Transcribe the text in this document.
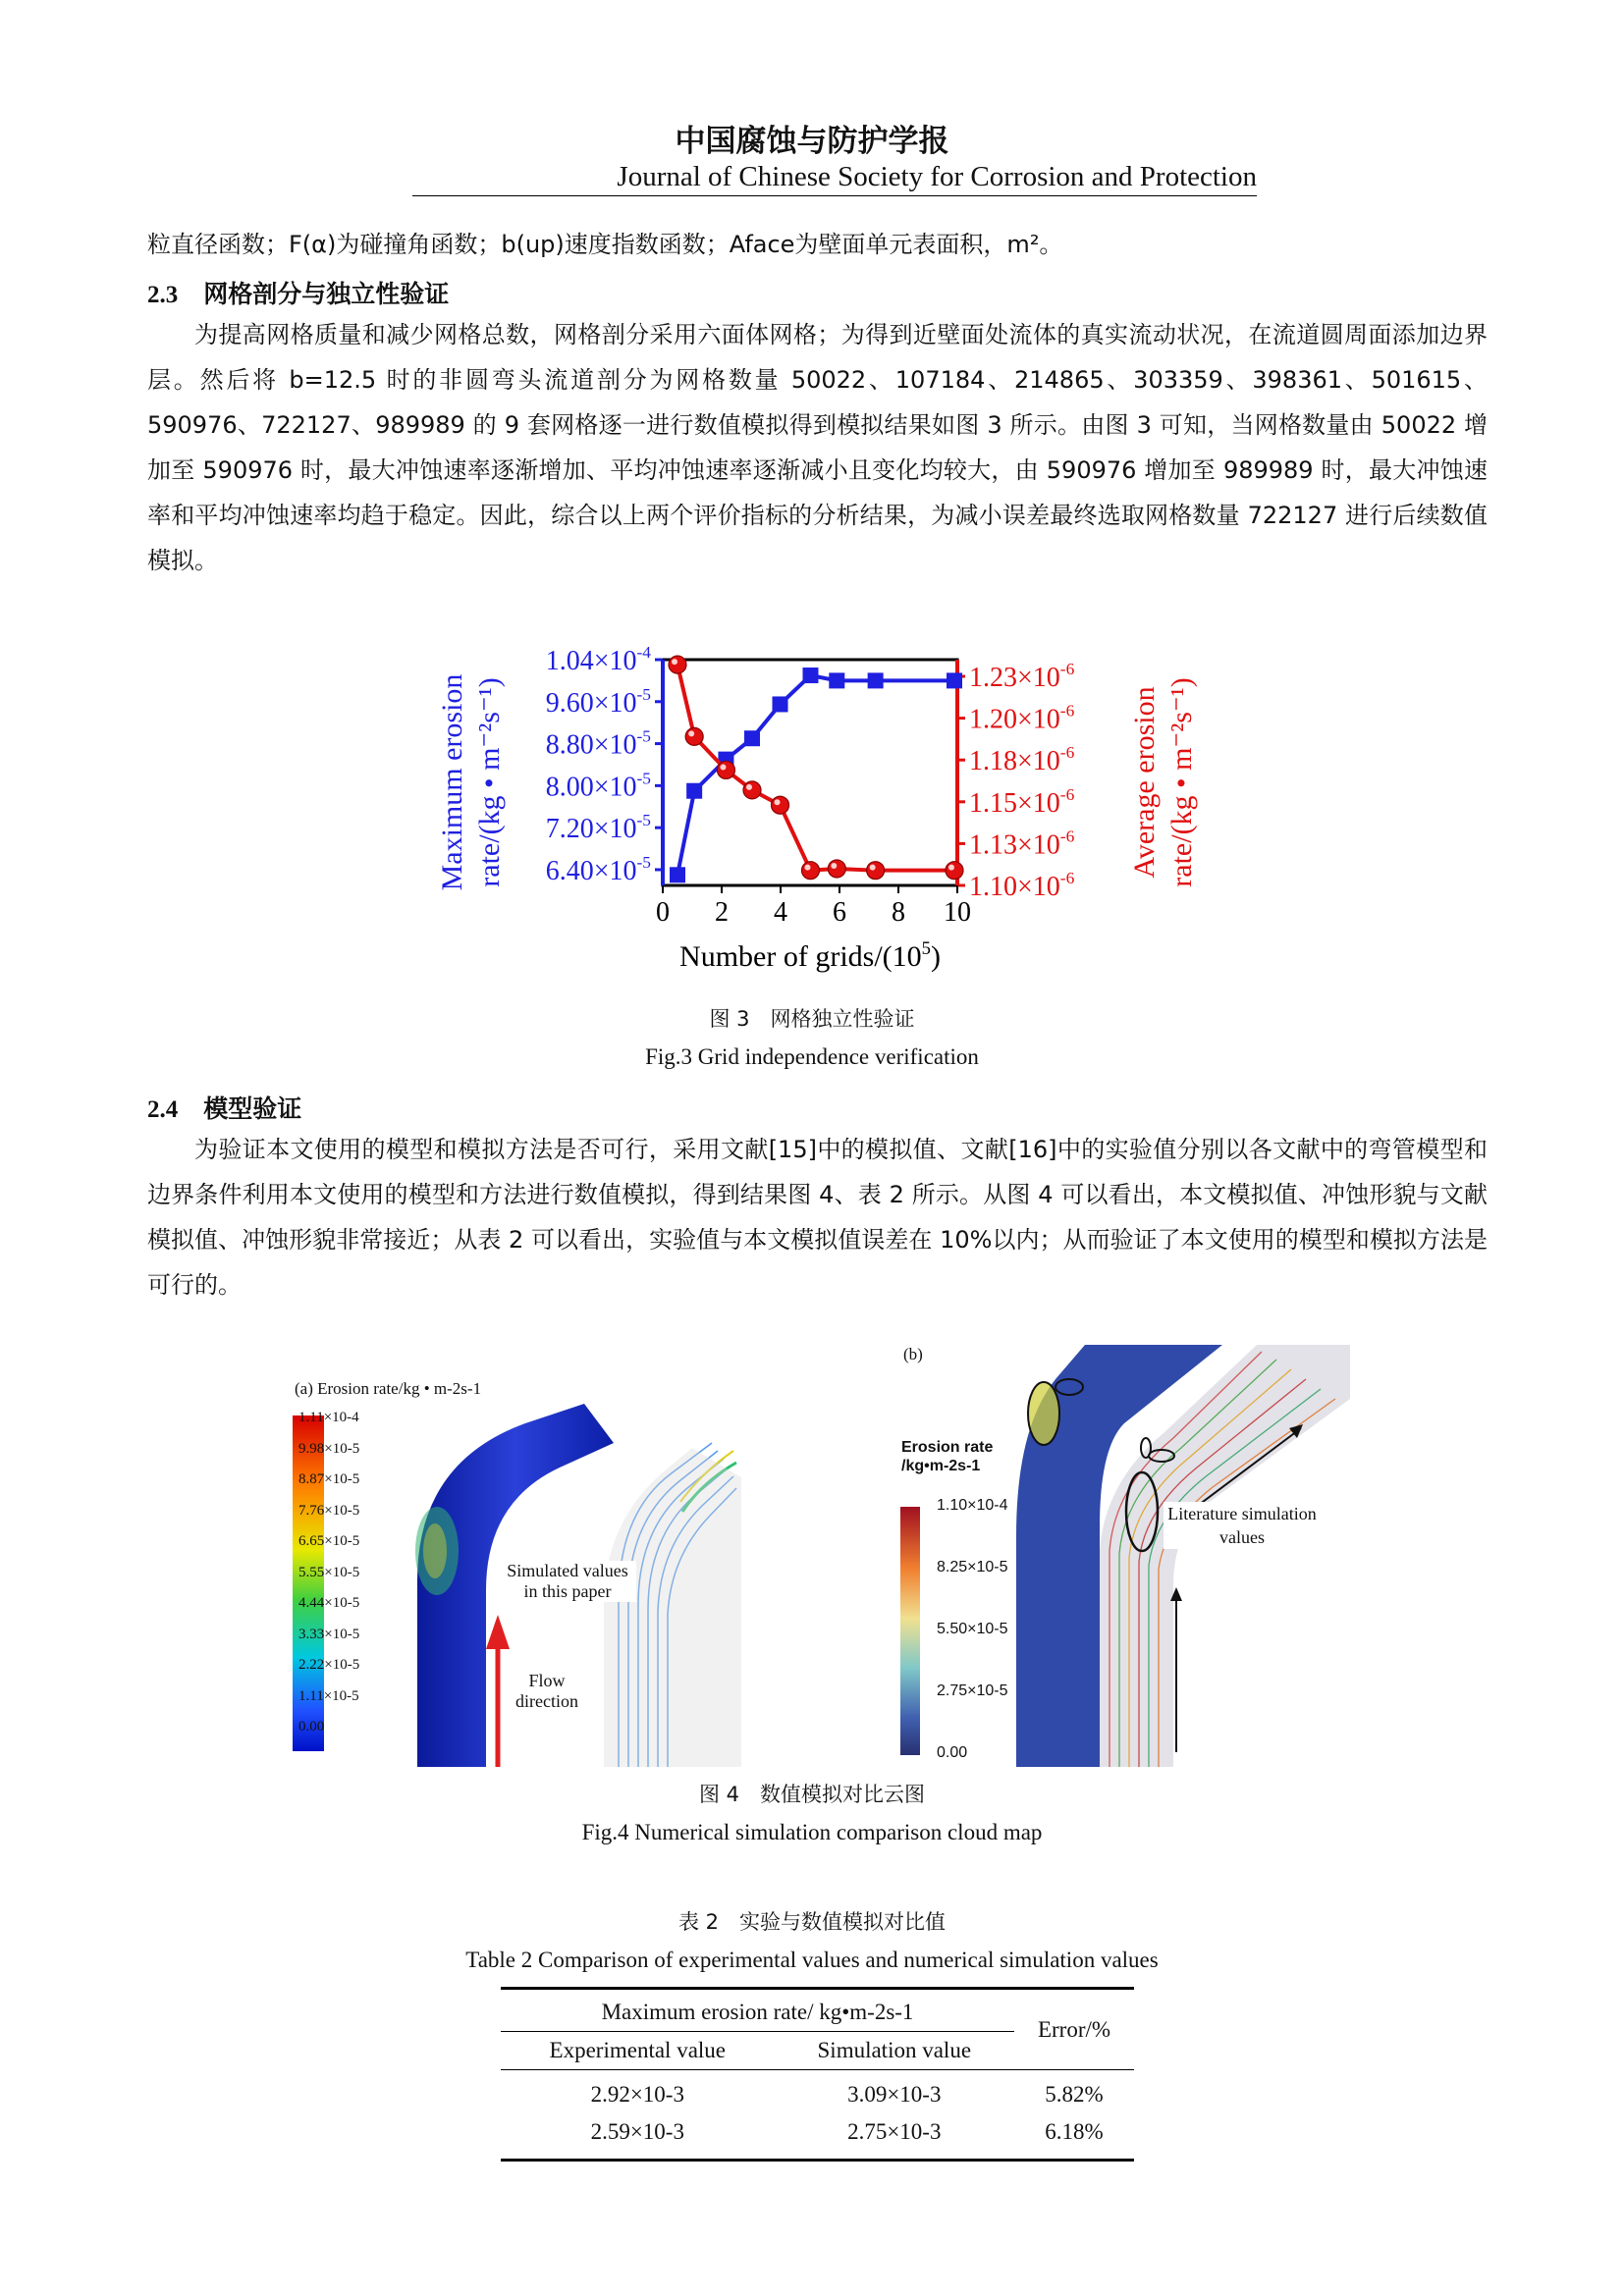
中国腐蚀与防护学报
Journal of Chinese Society for Corrosion and Protection
粒直径函数；F(α)为碰撞角函数；b(up)速度指数函数；Aface为壁面单元表面积，m²。
2.3 网格剖分与独立性验证
为提高网格质量和减少网格总数，网格剖分采用六面体网格；为得到近壁面处流体的真实流动状况，在流道圆周面添加边界层。然后将 b=12.5 时的非圆弯头流道剖分为网格数量 50022、107184、214865、303359、398361、501615、590976、722127、989989 的 9 套网格逐一进行数值模拟得到模拟结果如图 3 所示。由图 3 可知，当网格数量由 50022 增加至 590976 时，最大冲蚀速率逐渐增加、平均冲蚀速率逐渐减小且变化均较大，由 590976 增加至 989989 时，最大冲蚀速率和平均冲蚀速率均趋于稳定。因此，综合以上两个评价指标的分析结果，为减小误差最终选取网格数量 722127 进行后续数值模拟。
$6.40\times 10^{-5}$
$7.20\times 10^{-5}$
$8.00\times 10^{-5}$
$8.80\times 10^{-5}$
$9.60\times 10^{-5}$
$1.04\times 10^{-4}$
$1.10\times 10^{-6}$
$1.13\times 10^{-6}$
$1.15\times 10^{-6}$
$1.18\times 10^{-6}$
$1.20\times 10^{-6}$
$1.23\times 10^{-6}$
0 2 4 6 8 10
Number of grids/$(10^5)$
Maximum erosion rate/(kg • m⁻²s⁻¹)	Average erosion rate/(kg • m⁻²s⁻¹)
图 3　网格独立性验证
Fig.3 Grid independence verification
2.4 模型验证
为验证本文使用的模型和模拟方法是否可行，采用文献[15]中的模拟值、文献[16]中的实验值分别以各文献中的弯管模型和边界条件利用本文使用的模型和方法进行数值模拟，得到结果图 4、表 2 所示。从图 4 可以看出，本文模拟值、冲蚀形貌与文献模拟值、冲蚀形貌非常接近；从表 2 可以看出，实验值与本文模拟值误差在 10%以内；从而验证了本文使用的模型和模拟方法是可行的。
(a) Erosion rate/kg • m-2s-1
1.11×10-4
9.98×10-5
8.87×10-5
7.76×10-5
6.65×10-5
5.55×10-5
4.44×10-5
3.33×10-5
2.22×10-5
1.11×10-5
0.00
Simulated values
in this paper
Flow
direction
(b)
Erosion rate
/kg•m-2s-1
1.10×10-4
8.25×10-5
5.50×10-5
2.75×10-5
0.00
Literature simulation
values
图 4　数值模拟对比云图
Fig.4 Numerical simulation comparison cloud map
表 2　实验与数值模拟对比值
Table 2 Comparison of experimental values and numerical simulation values
Maximum erosion rate/ kg•m-2s-1		Error/%
Experimental value	Simulation value	
2.92×10-3	3.09×10-3	5.82%
2.59×10-3	2.75×10-3	6.18%
